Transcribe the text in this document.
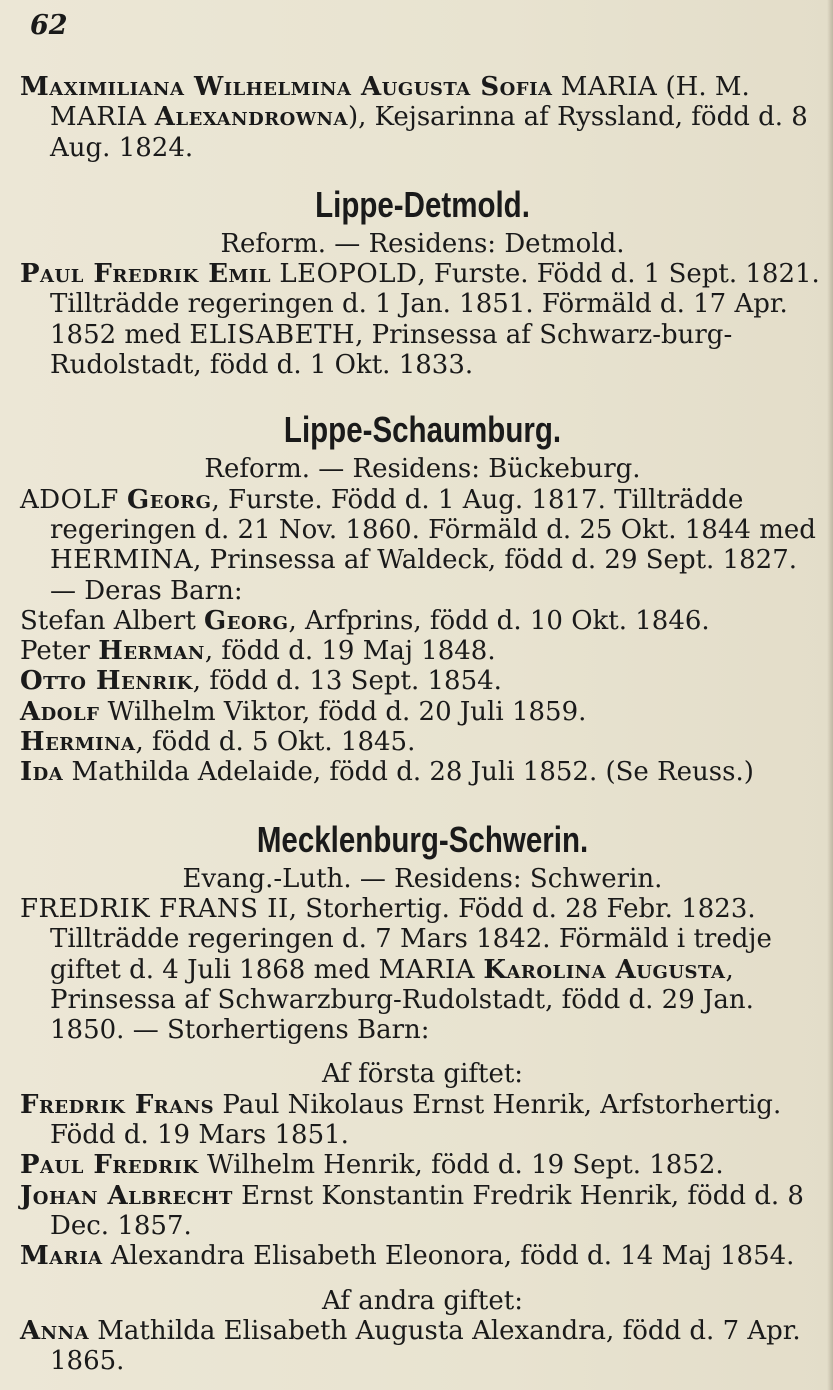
62

Maximiliana Wilhelmina Augusta Sofia MARIA (H. M. MARIA Alexandrowna), Kejsarinna af Ryssland, född d. 8 Aug. 1824.

Lippe-Detmold.

Reform. — Residens: Detmold.

Paul Fredrik Emil LEOPOLD, Furste. Född d. 1 Sept. 1821. Tillträdde regeringen d. 1 Jan. 1851. Förmäld d. 17 Apr. 1852 med ELISABETH, Prinsessa af Schwarz-burg-Rudolstadt, född d. 1 Okt. 1833.

Lippe-Schaumburg.

Reform. — Residens: Bückeburg.

ADOLF Georg, Furste. Född d. 1 Aug. 1817. Tillträdde regeringen d. 21 Nov. 1860. Förmäld d. 25 Okt. 1844 med HERMINA, Prinsessa af Waldeck, född d. 29 Sept. 1827. — Deras Barn:

Stefan Albert Georg, Arfprins, född d. 10 Okt. 1846.

Peter Herman, född d. 19 Maj 1848.

Otto Henrik, född d. 13 Sept. 1854.

Adolf Wilhelm Viktor, född d. 20 Juli 1859.

Hermina, född d. 5 Okt. 1845.

Ida Mathilda Adelaide, född d. 28 Juli 1852. (Se Reuss.)

Mecklenburg-Schwerin.

Evang.-Luth. — Residens: Schwerin.

FREDRIK FRANS II, Storhertig. Född d. 28 Febr. 1823. Tillträdde regeringen d. 7 Mars 1842. Förmäld i tredje giftet d. 4 Juli 1868 med MARIA Karolina Augusta, Prinsessa af Schwarzburg-Rudolstadt, född d. 29 Jan. 1850. — Storhertigens Barn:

Af första giftet:

Fredrik Frans Paul Nikolaus Ernst Henrik, Arfstorhertig. Född d. 19 Mars 1851.

Paul Fredrik Wilhelm Henrik, född d. 19 Sept. 1852.

Johan Albrecht Ernst Konstantin Fredrik Henrik, född d. 8 Dec. 1857.

Maria Alexandra Elisabeth Eleonora, född d. 14 Maj 1854.

Af andra giftet:

Anna Mathilda Elisabeth Augusta Alexandra, född d. 7 Apr. 1865.
